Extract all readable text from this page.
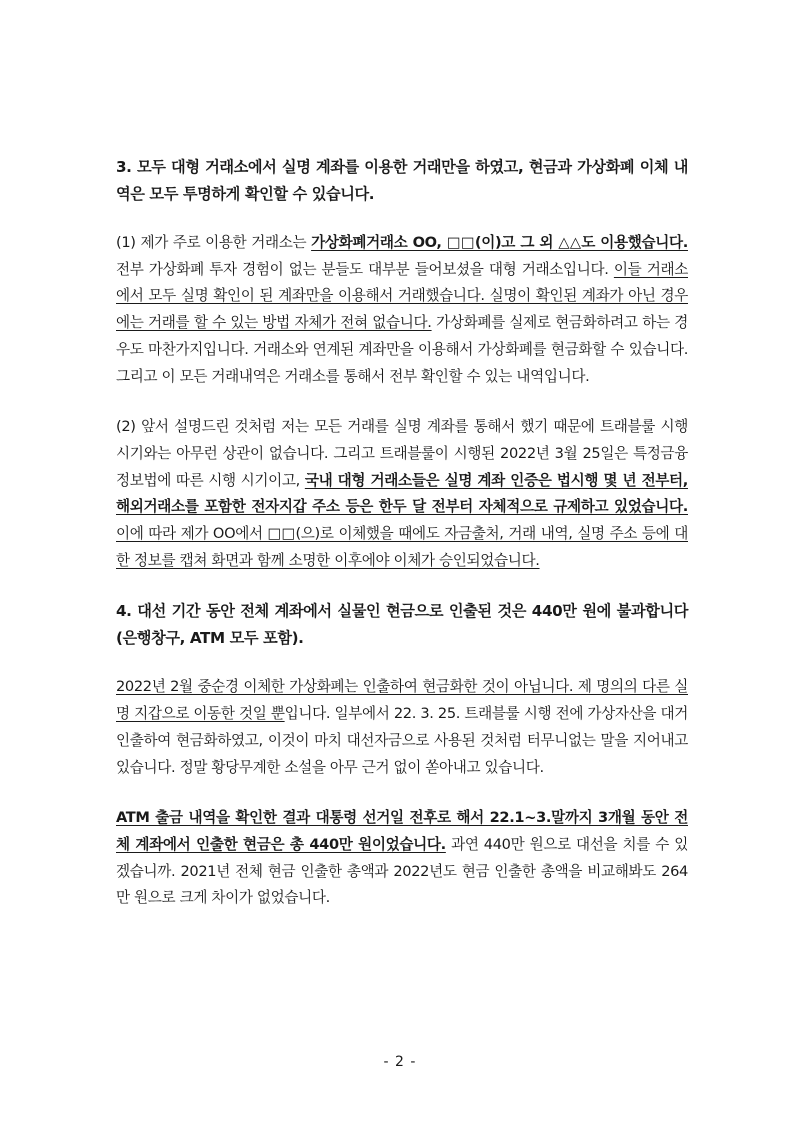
3. 모두 대형 거래소에서 실명 계좌를 이용한 거래만을 하였고, 현금과 가상화폐 이체 내역은 모두 투명하게 확인할 수 있습니다.

(1) 제가 주로 이용한 거래소는 가상화폐거래소 OO, □□(이)고 그 외 △△도 이용했습니다. 전부 가상화폐 투자 경험이 없는 분들도 대부분 들어보셨을 대형 거래소입니다. 이들 거래소에서 모두 실명 확인이 된 계좌만을 이용해서 거래했습니다. 실명이 확인된 계좌가 아닌 경우에는 거래를 할 수 있는 방법 자체가 전혀 없습니다. 가상화폐를 실제로 현금화하려고 하는 경우도 마찬가지입니다. 거래소와 연계된 계좌만을 이용해서 가상화폐를 현금화할 수 있습니다. 그리고 이 모든 거래내역은 거래소를 통해서 전부 확인할 수 있는 내역입니다.

(2) 앞서 설명드린 것처럼 저는 모든 거래를 실명 계좌를 통해서 했기 때문에 트래블룰 시행 시기와는 아무런 상관이 없습니다. 그리고 트래블룰이 시행된 2022년 3월 25일은 특정금융정보법에 따른 시행 시기이고, 국내 대형 거래소들은 실명 계좌 인증은 법시행 몇 년 전부터, 해외거래소를 포함한 전자지갑 주소 등은 한두 달 전부터 자체적으로 규제하고 있었습니다. 이에 따라 제가 OO에서 □□(으)로 이체했을 때에도 자금출처, 거래 내역, 실명 주소 등에 대한 정보를 캡쳐 화면과 함께 소명한 이후에야 이체가 승인되었습니다.

4. 대선 기간 동안 전체 계좌에서 실물인 현금으로 인출된 것은 440만 원에 불과합니다(은행창구, ATM 모두 포함).

2022년 2월 중순경 이체한 가상화폐는 인출하여 현금화한 것이 아닙니다. 제 명의의 다른 실명 지갑으로 이동한 것일 뿐입니다. 일부에서 22. 3. 25. 트래블룰 시행 전에 가상자산을 대거 인출하여 현금화하였고, 이것이 마치 대선자금으로 사용된 것처럼 터무니없는 말을 지어내고 있습니다. 정말 황당무계한 소설을 아무 근거 없이 쏟아내고 있습니다.

ATM 출금 내역을 확인한 결과 대통령 선거일 전후로 해서 22.1~3.말까지 3개월 동안 전체 계좌에서 인출한 현금은 총 440만 원이었습니다. 과연 440만 원으로 대선을 치를 수 있겠습니까. 2021년 전체 현금 인출한 총액과 2022년도 현금 인출한 총액을 비교해봐도 264만 원으로 크게 차이가 없었습니다.

- 2 -
